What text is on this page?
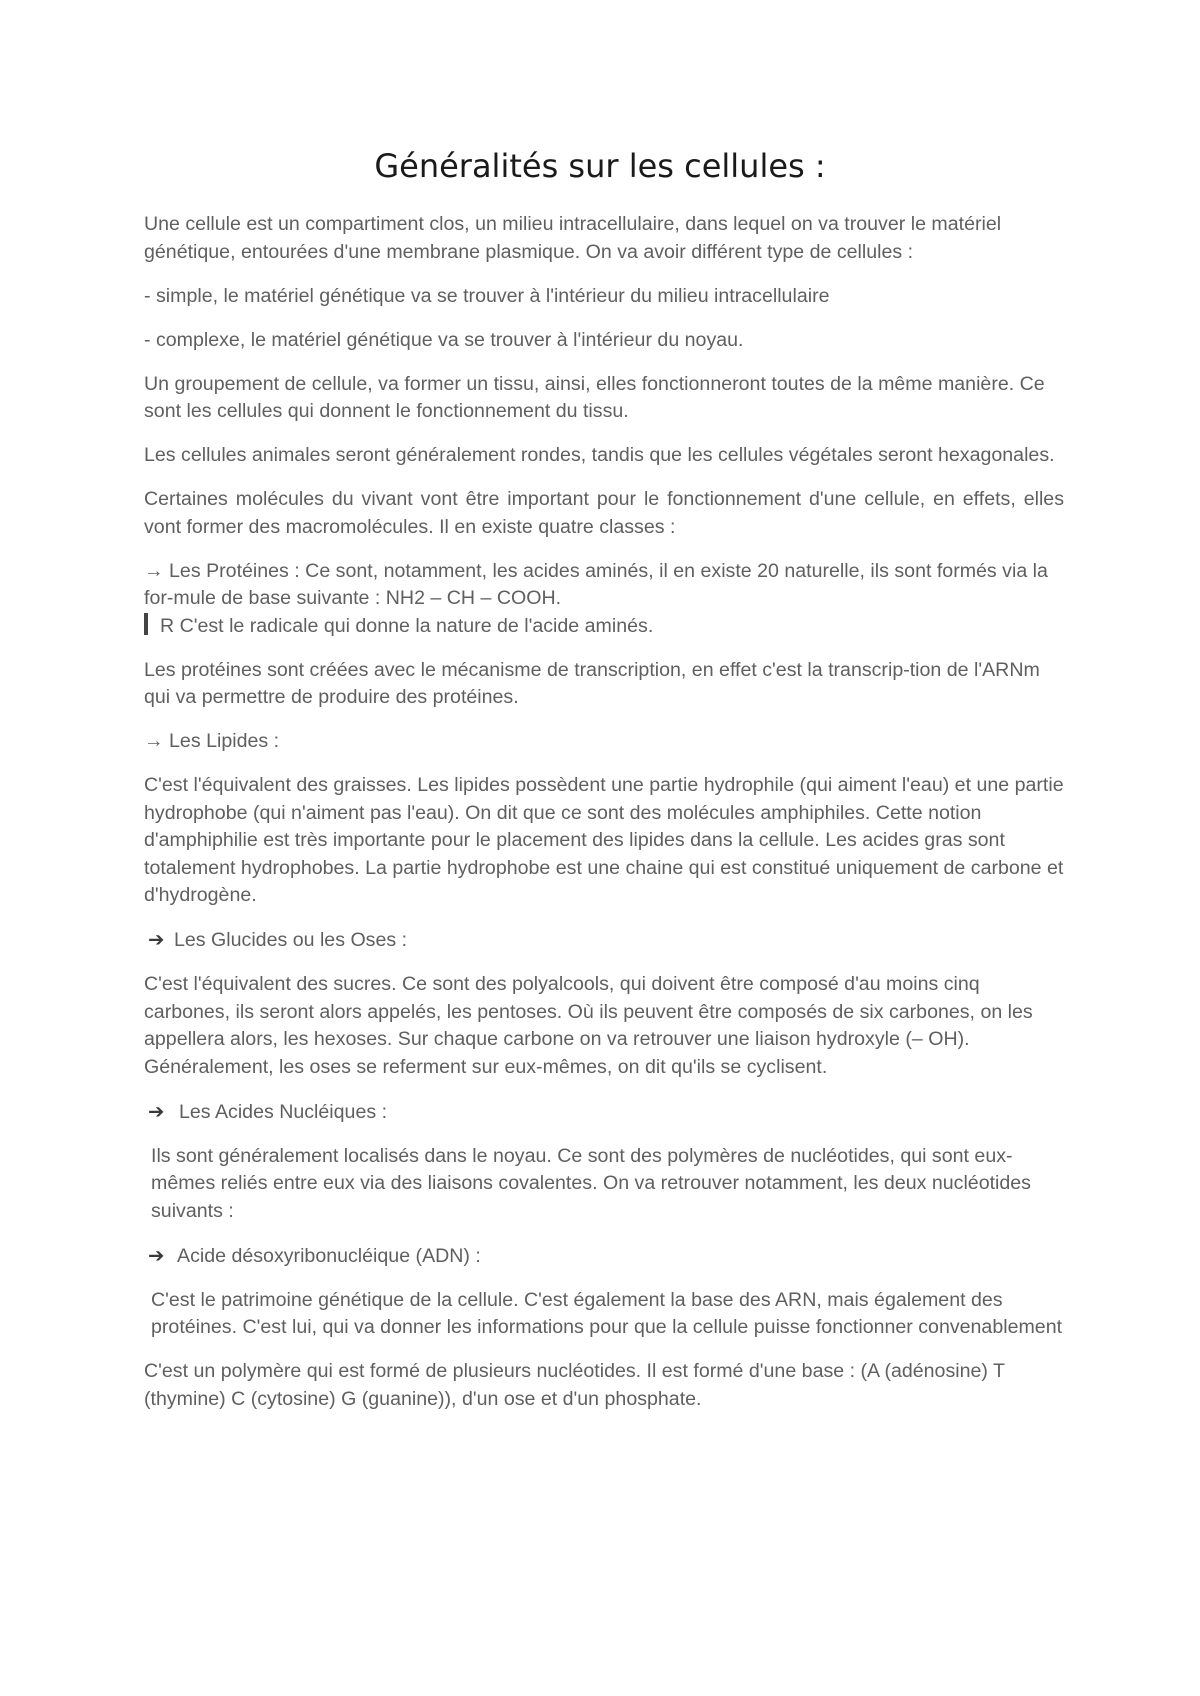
Généralités sur les cellules :

Une cellule est un compartiment clos, un milieu intracellulaire, dans lequel on va trouver le matériel génétique, entourées d'une membrane plasmique. On va avoir différent type de cellules :

- simple, le matériel génétique va se trouver à l'intérieur du milieu intracellulaire

- complexe, le matériel génétique va se trouver à l'intérieur du noyau.

Un groupement de cellule, va former un tissu, ainsi, elles fonctionneront toutes de la même manière. Ce sont les cellules qui donnent le fonctionnement du tissu.

Les cellules animales seront généralement rondes, tandis que les cellules végétales seront hexagonales.

Certaines molécules du vivant vont être important pour le fonctionnement d'une cellule, en effets, elles vont former des macromolécules. Il en existe quatre classes :

→ Les Protéines : Ce sont, notamment, les acides aminés, il en existe 20 naturelle, ils sont formés via la for-mule de base suivante : NH2 – CH – COOH.
R C'est le radicale qui donne la nature de l'acide aminés.

Les protéines sont créées avec le mécanisme de transcription, en effet c'est la transcrip-tion de l'ARNm qui va permettre de produire des protéines.

→ Les Lipides :

C'est l'équivalent des graisses. Les lipides possèdent une partie hydrophile (qui aiment l'eau) et une partie hydrophobe (qui n'aiment pas l'eau). On dit que ce sont des molécules amphiphiles. Cette notion d'amphiphilie est très importante pour le placement des lipides dans la cellule. Les acides gras sont totalement hydrophobes. La partie hydrophobe est une chaine qui est constitué uniquement de carbone et d'hydrogène.

➔ Les Glucides ou les Oses :

C'est l'équivalent des sucres. Ce sont des polyalcools, qui doivent être composé d'au moins cinq carbones, ils seront alors appelés, les pentoses. Où ils peuvent être composés de six carbones, on les appellera alors, les hexoses. Sur chaque carbone on va retrouver une liaison hydroxyle (– OH). Généralement, les oses se referment sur eux-mêmes, on dit qu'ils se cyclisent.

➔ Les Acides Nucléiques :

Ils sont généralement localisés dans le noyau. Ce sont des polymères de nucléotides, qui sont eux-mêmes reliés entre eux via des liaisons covalentes. On va retrouver notamment, les deux nucléotides suivants :

➔ Acide désoxyribonucléique (ADN) :

C'est le patrimoine génétique de la cellule. C'est également la base des ARN, mais également des protéines. C'est lui, qui va donner les informations pour que la cellule puisse fonctionner convenablement

C'est un polymère qui est formé de plusieurs nucléotides. Il est formé d'une base : (A (adénosine) T (thymine) C (cytosine) G (guanine)), d'un ose et d'un phosphate.
